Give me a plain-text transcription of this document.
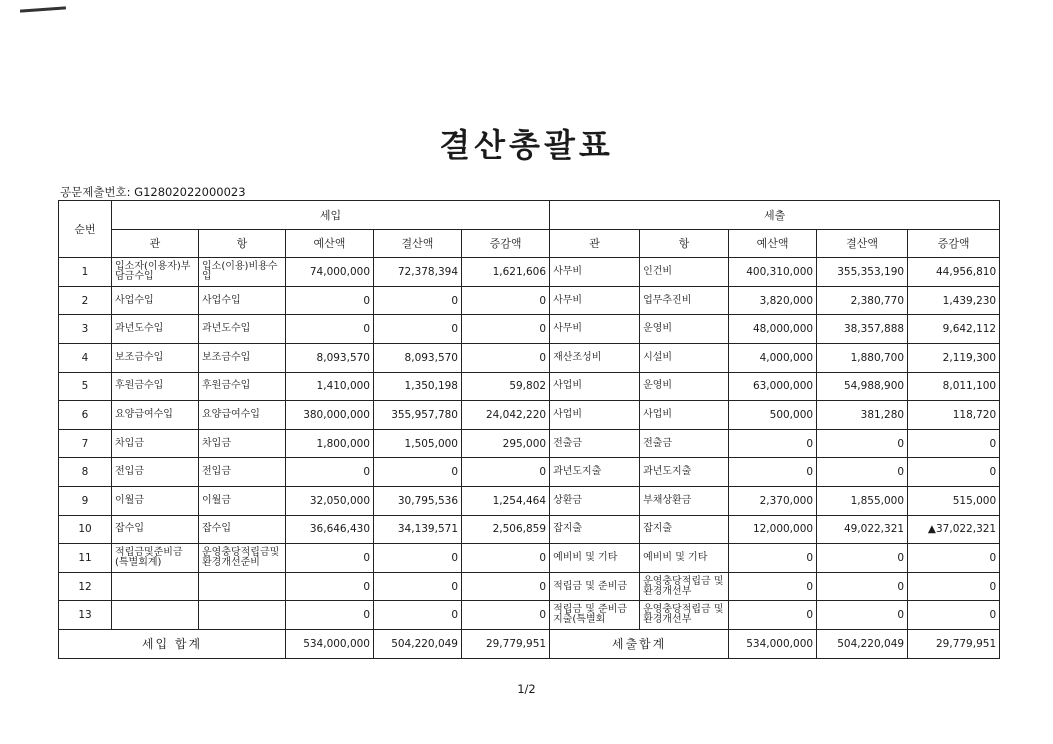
결산총괄표
공문제출번호: G12802022000023
순번	세입					세출				
	관	항	예산액	결산액	증감액	관	항	예산액	결산액	증감액
1	입소자(이용자)부담금수입	입소(이용)비용수입	74,000,000	72,378,394	1,621,606	사무비	인건비	400,310,000	355,353,190	44,956,810
2	사업수입	사업수입	0	0	0	사무비	업무추진비	3,820,000	2,380,770	1,439,230
3	과년도수입	과년도수입	0	0	0	사무비	운영비	48,000,000	38,357,888	9,642,112
4	보조금수입	보조금수입	8,093,570	8,093,570	0	재산조성비	시설비	4,000,000	1,880,700	2,119,300
5	후원금수입	후원금수입	1,410,000	1,350,198	59,802	사업비	운영비	63,000,000	54,988,900	8,011,100
6	요양급여수입	요양급여수입	380,000,000	355,957,780	24,042,220	사업비	사업비	500,000	381,280	118,720
7	차입금	차입금	1,800,000	1,505,000	295,000	전출금	전출금	0	0	0
8	전입금	전입금	0	0	0	과년도지출	과년도지출	0	0	0
9	이월금	이월금	32,050,000	30,795,536	1,254,464	상환금	부채상환금	2,370,000	1,855,000	515,000
10	잡수입	잡수입	36,646,430	34,139,571	2,506,859	잡지출	잡지출	12,000,000	49,022,321	▲37,022,321
11	적립금및준비금(특별회계)	운영충당적립금및환경개선준비	0	0	0	예비비 및 기타	예비비 및 기타	0	0	0
12			0	0	0	적립금 및 준비금	운영충당적립금 및 환경개선부	0	0	0
13			0	0	0	적립금 및 준비금 지출(특별회	운영충당적립금 및 환경개선부	0	0	0
세입 합계			534,000,000	504,220,049	29,779,951	세출합계		534,000,000	504,220,049	29,779,951
1/2
